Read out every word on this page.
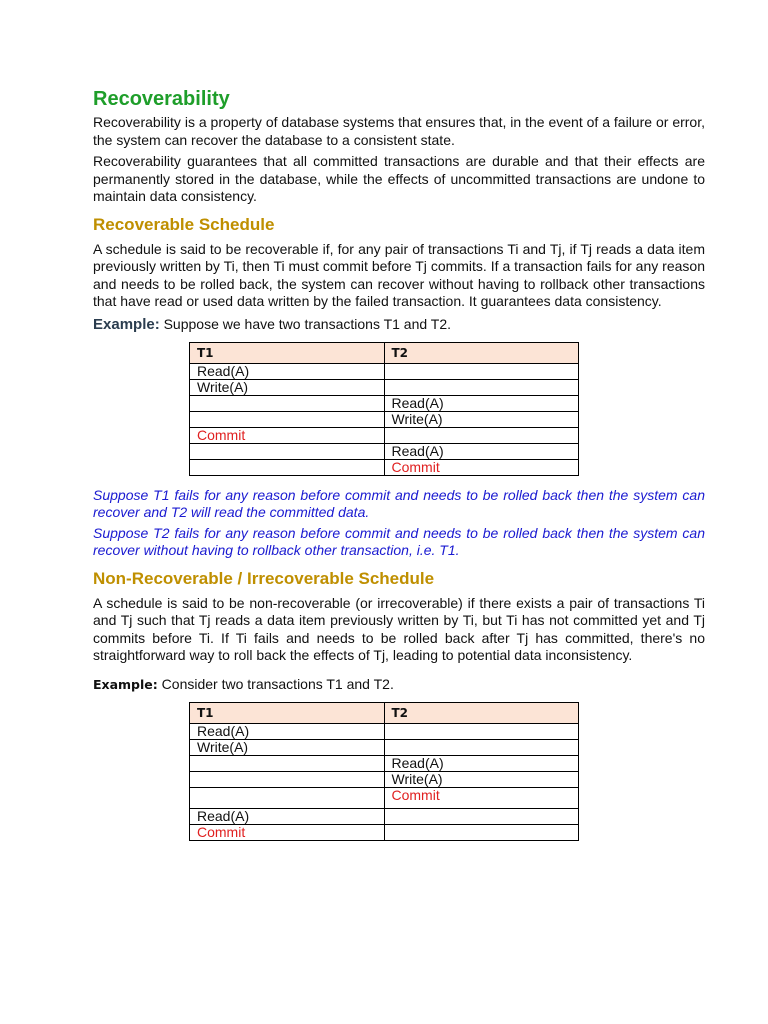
Recoverability

Recoverability is a property of database systems that ensures that, in the event of a failure or error, the system can recover the database to a consistent state.

Recoverability guarantees that all committed transactions are durable and that their effects are permanently stored in the database, while the effects of uncommitted transactions are undone to maintain data consistency.

Recoverable Schedule

A schedule is said to be recoverable if, for any pair of transactions Ti and Tj, if Tj reads a data item previously written by Ti, then Ti must commit before Tj commits. If a transaction fails for any reason and needs to be rolled back, the system can recover without having to rollback other transactions that have read or used data written by the failed transaction. It guarantees data consistency.

Example: Suppose we have two transactions T1 and T2.
T1	T2
Read(A)	
Write(A)	
	Read(A)
	Write(A)
Commit	
	Read(A)
	Commit

Suppose T1 fails for any reason before commit and needs to be rolled back then the system can recover and T2 will read the committed data.

Suppose T2 fails for any reason before commit and needs to be rolled back then the system can recover without having to rollback other transaction, i.e. T1.

Non-Recoverable / Irrecoverable Schedule

A schedule is said to be non-recoverable (or irrecoverable) if there exists a pair of transactions Ti and Tj such that Tj reads a data item previously written by Ti, but Ti has not committed yet and Tj commits before Ti. If Ti fails and needs to be rolled back after Tj has committed, there's no straightforward way to roll back the effects of Tj, leading to potential data inconsistency.

Example: Consider two transactions T1 and T2.
T1	T2
Read(A)	
Write(A)	
	Read(A)
	Write(A)
	Commit
Read(A)	
Commit	
